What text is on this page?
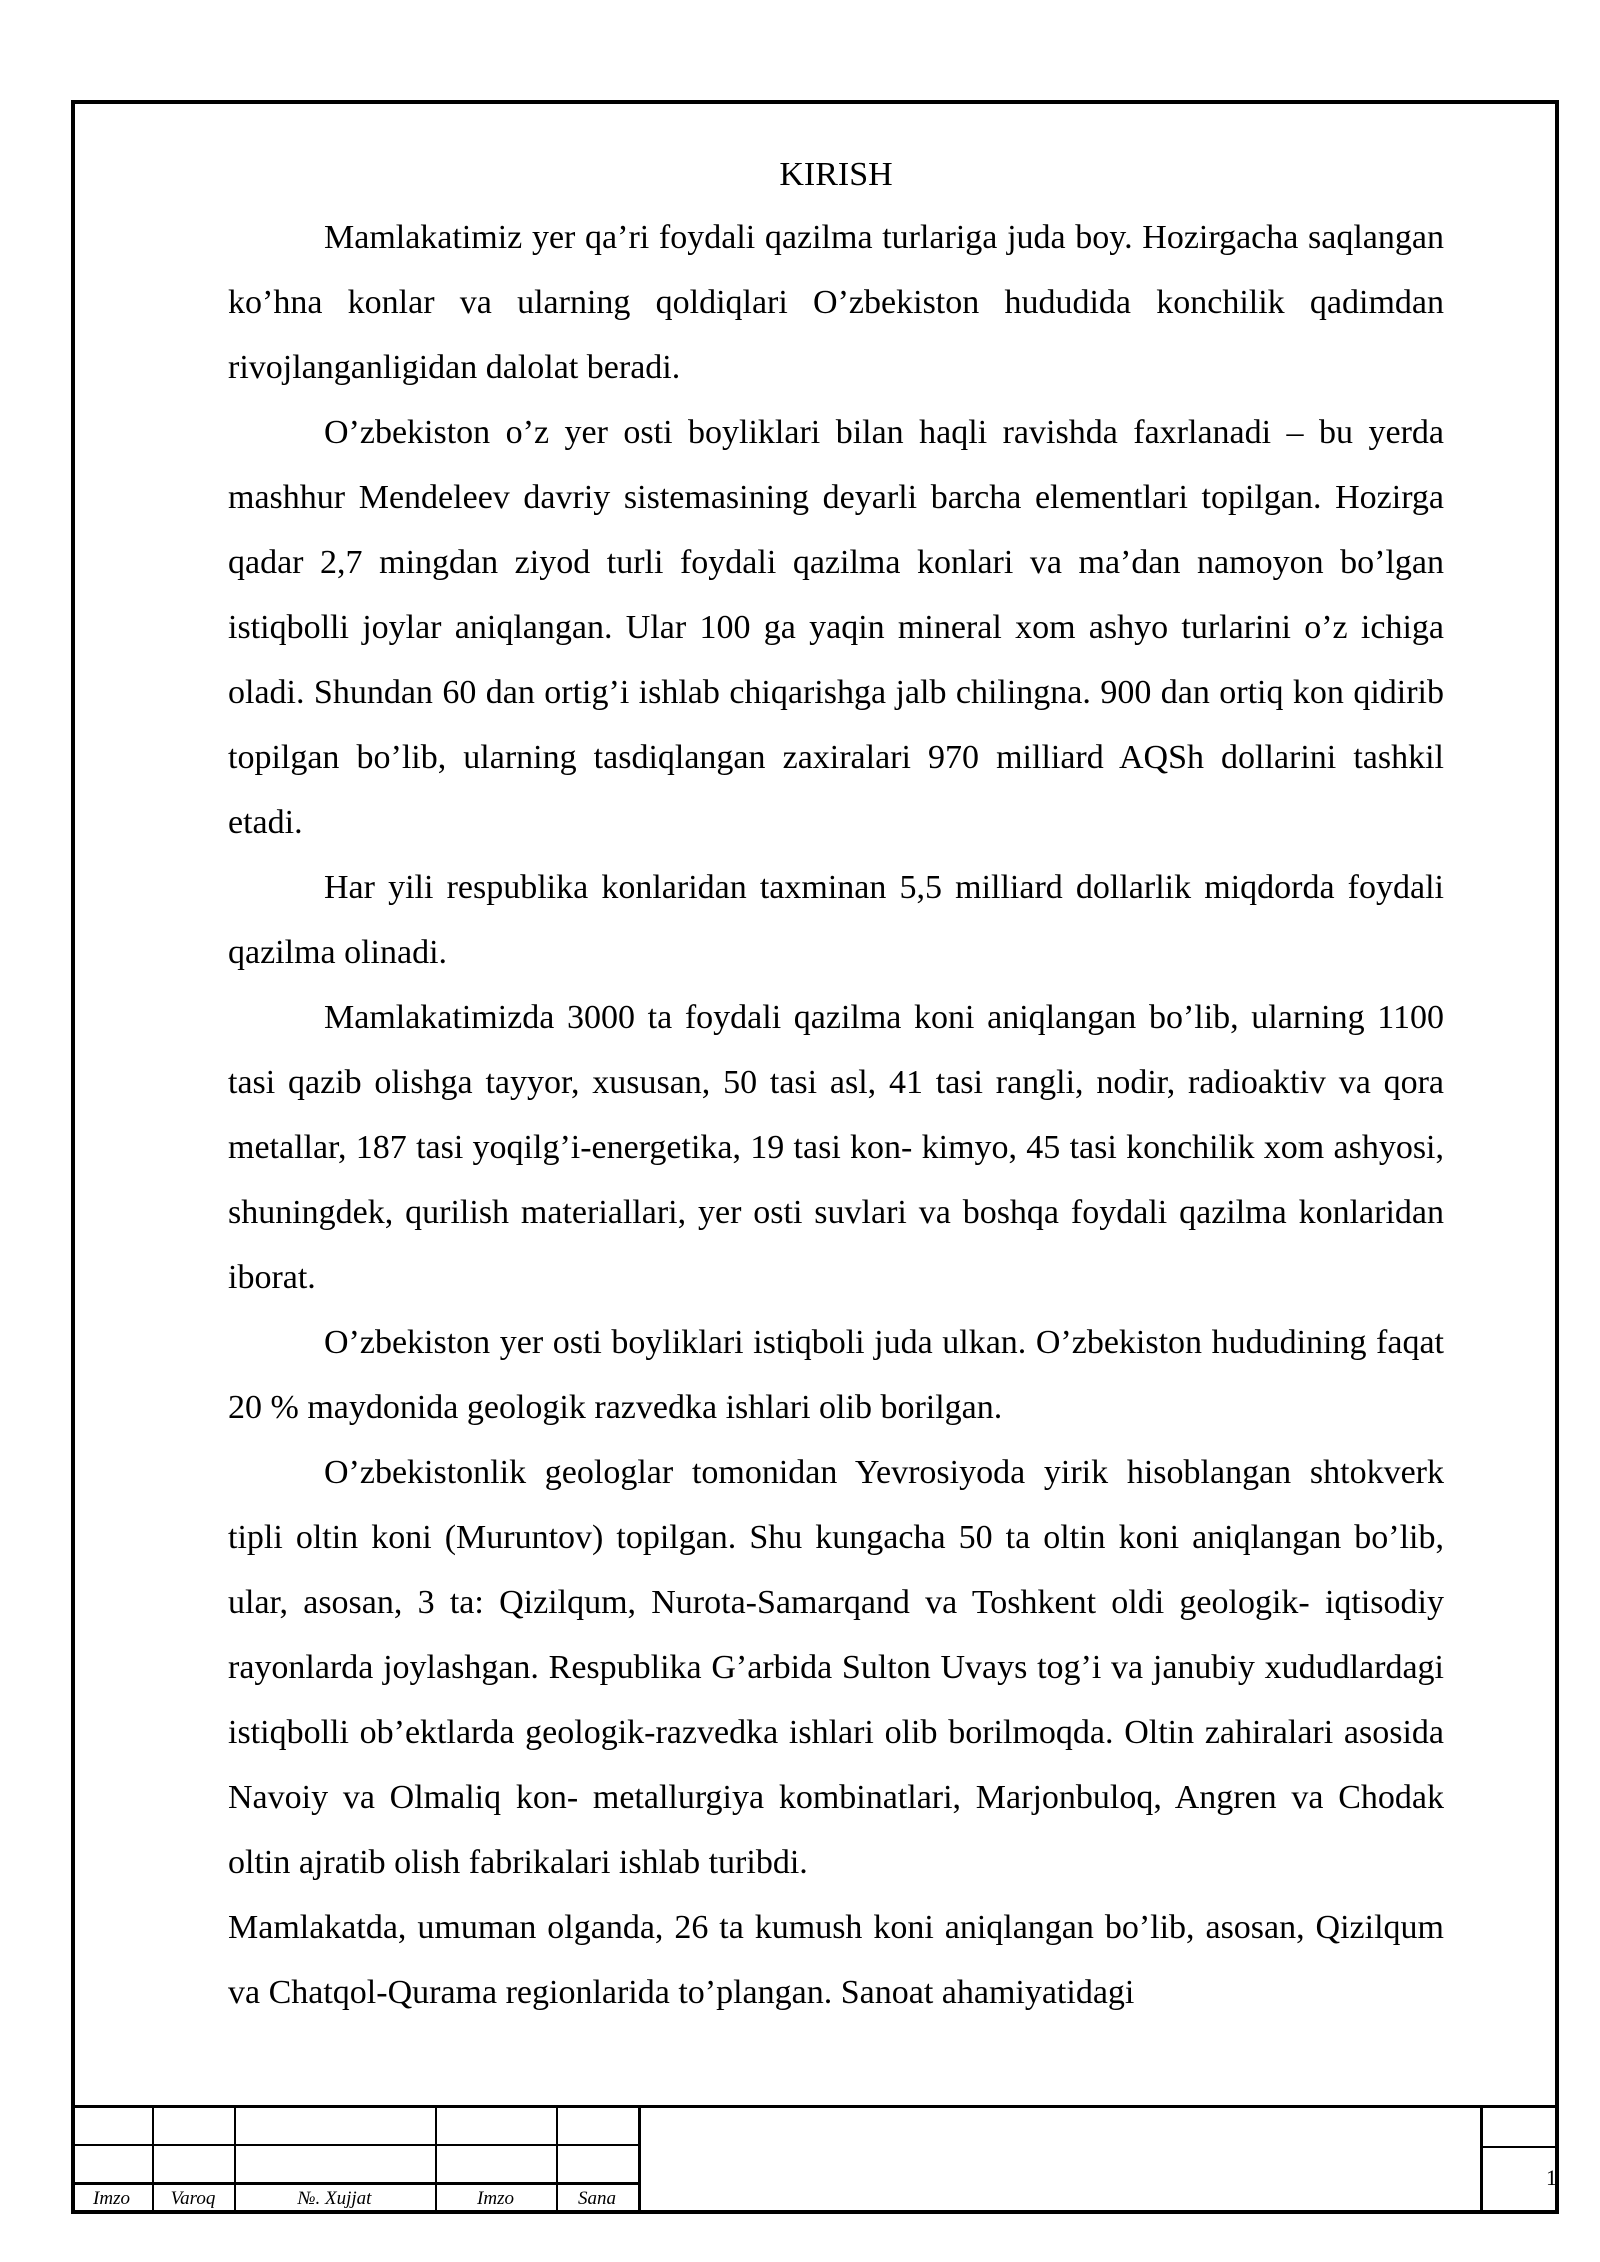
KIRISH

Mamlakatimiz yer qa’ri foydali qazilma turlariga juda boy. Hozirgacha saqlangan ko’hna konlar va ularning qoldiqlari O’zbekiston hududida konchilik qadimdan rivojlanganligidan dalolat beradi.

O’zbekiston o’z yer osti boyliklari bilan haqli ravishda faxrlanadi – bu yerda mashhur Mendeleev davriy sistemasining deyarli barcha elementlari topilgan. Hozirga qadar 2,7 mingdan ziyod turli foydali qazilma konlari va ma’dan namoyon bo’lgan istiqbolli joylar aniqlangan. Ular 100 ga yaqin mineral xom ashyo turlarini o’z ichiga oladi. Shundan 60 dan ortig’i ishlab chiqarishga jalb chilingna. 900 dan ortiq kon qidirib topilgan bo’lib, ularning tasdiqlangan zaxiralari 970 milliard AQSh dollarini tashkil etadi.

Har yili respublika konlaridan taxminan 5,5 milliard dollarlik miqdorda foydali qazilma olinadi.

Mamlakatimizda 3000 ta foydali qazilma koni aniqlangan bo’lib, ularning 1100 tasi qazib olishga tayyor, xususan, 50 tasi asl, 41 tasi rangli, nodir, radioaktiv va qora metallar, 187 tasi yoqilg’i-energetika, 19 tasi kon- kimyo, 45 tasi konchilik xom ashyosi, shuningdek, qurilish materiallari, yer osti suvlari va boshqa foydali qazilma konlaridan iborat.

O’zbekiston yer osti boyliklari istiqboli juda ulkan. O’zbekiston hududining faqat 20 % maydonida geologik razvedka ishlari olib borilgan.

O’zbekistonlik geologlar tomonidan Yevrosiyoda yirik hisoblangan shtokverk tipli oltin koni (Muruntov) topilgan. Shu kungacha 50 ta oltin koni aniqlangan bo’lib, ular, asosan, 3 ta: Qizilqum, Nurota-Samarqand va Toshkent oldi geologik- iqtisodiy rayonlarda joylashgan. Respublika G’arbida Sulton Uvays tog’i va janubiy xududlardagi istiqbolli ob’ektlarda geologik-razvedka ishlari olib borilmoqda. Oltin zahiralari asosida Navoiy va Olmaliq kon- metallurgiya kombinatlari, Marjonbuloq, Angren va Chodak oltin ajratib olish fabrikalari ishlab turibdi.

Mamlakatda, umuman olganda, 26 ta kumush koni aniqlangan bo’lib, asosan, Qizilqum va Chatqol-Qurama regionlarida to’plangan. Sanoat ahamiyatidagi

Imzo	Varoq	№. Xujjat	Imzo	Sana
1
